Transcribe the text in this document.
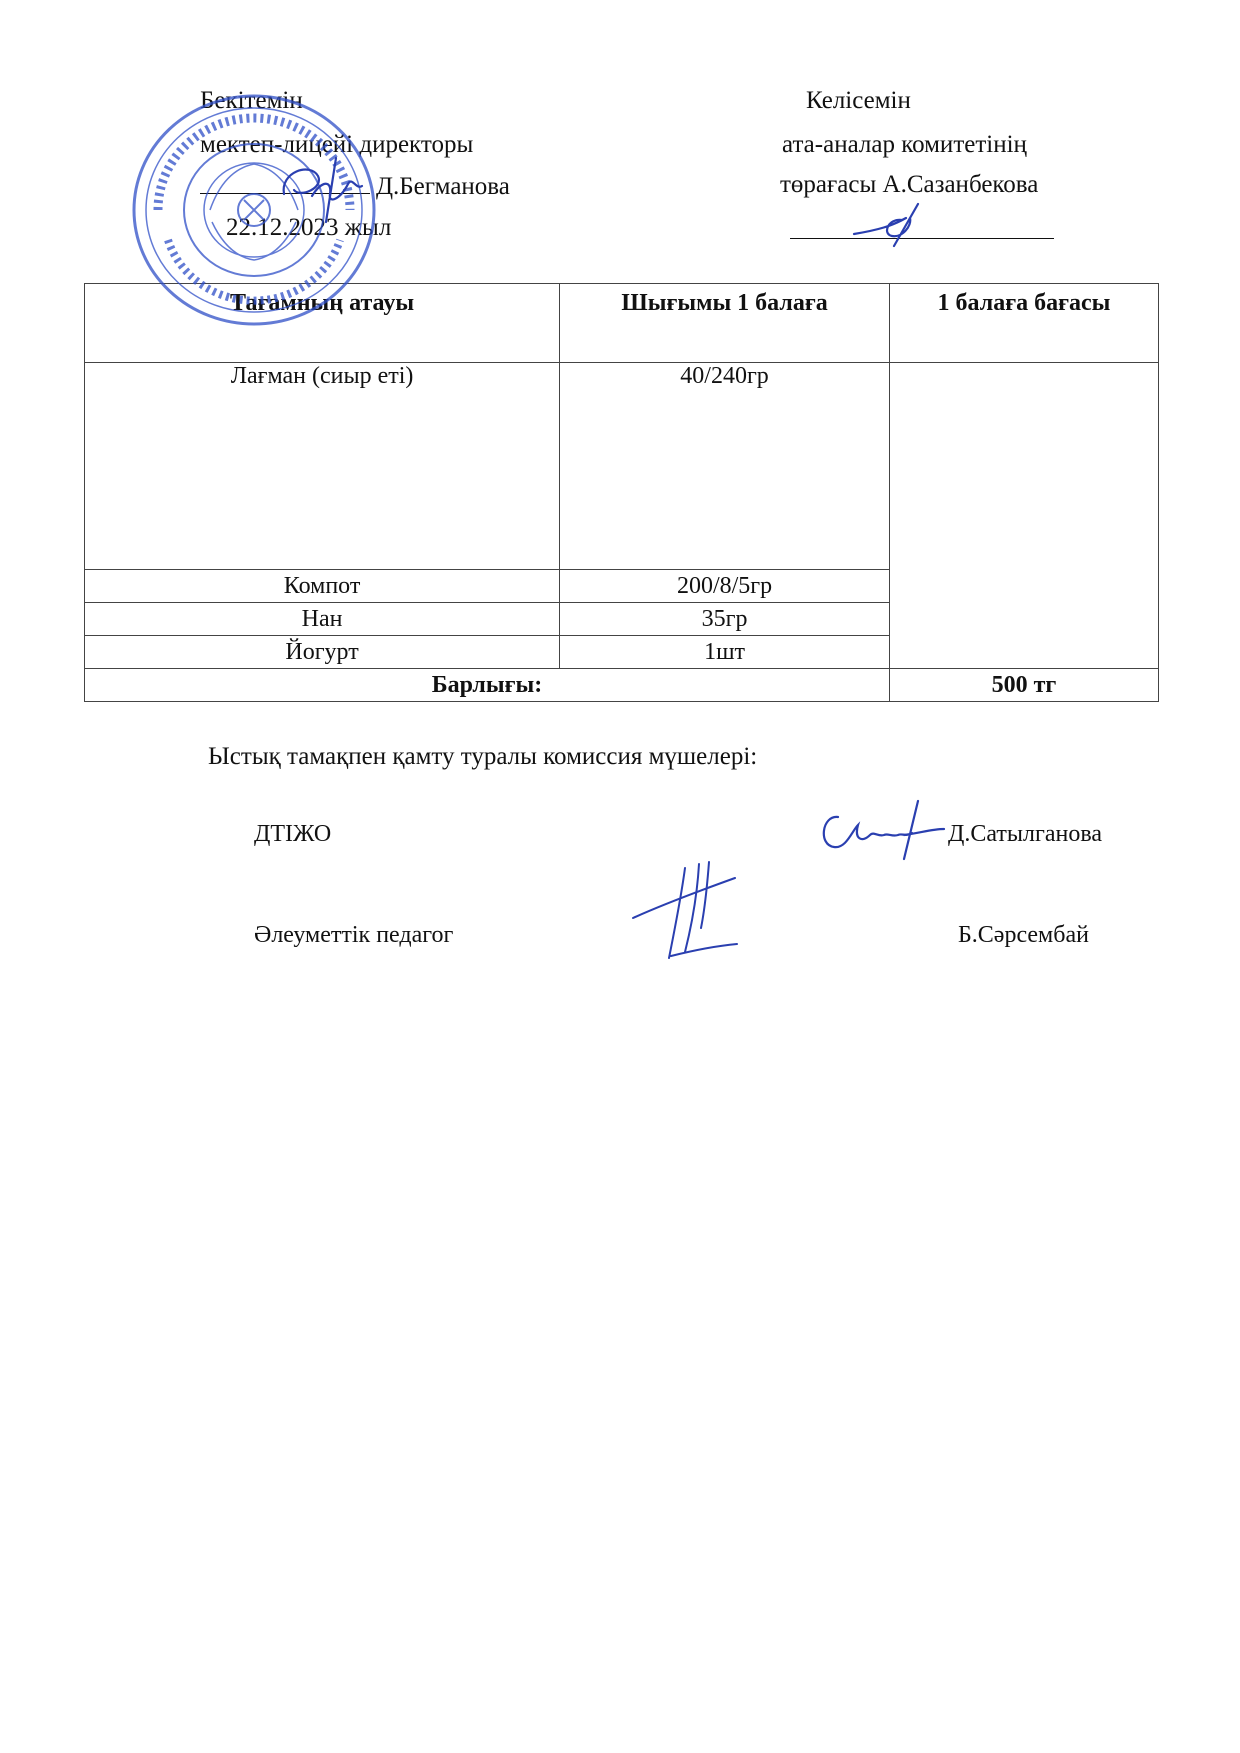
Бекітемін
мектеп-лицейі директоры
Д.Бегманова
22.12.2023 жыл
Келісемін
ата-аналар комитетінің
төрағасы А.Сазанбекова
Тағамның атауы	Шығымы 1 балаға	1 балаға бағасы
Лағман (сиыр еті)	40/240гр	
Компот	200/8/5гр	
Нан	35гр	
Йогурт	1шт	
Барлығы:		500 тг
Ыстық тамақпен қамту туралы комиссия мүшелері:
ДТІЖО	Д.Сатылганова
Әлеуметтік педагог	Б.Сәрсембай
